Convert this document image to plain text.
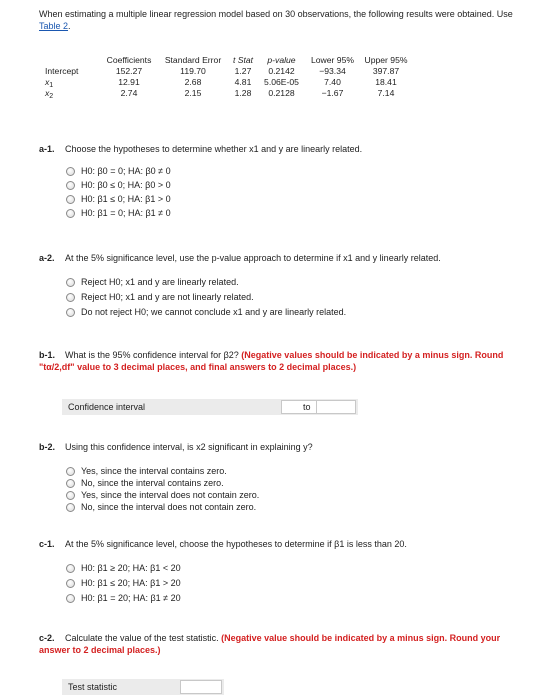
When estimating a multiple linear regression model based on 30 observations, the following results were obtained. Use Table 2.
	Coefficients	Standard Error	t Stat	p-value	Lower 95%	Upper 95%
Intercept	152.27	119.70	1.27	0.2142	−93.34	397.87
$x_1$	12.91	2.68	4.81	5.06E-05	7.40	18.41
$x_2$	2.74	2.15	1.28	0.2128	−1.67	7.14
a-1. Choose the hypotheses to determine whether x1 and y are linearly related.
H0: β0 = 0; HA: β0 ≠ 0
H0: β0 ≤ 0; HA: β0 > 0
H0: β1 ≤ 0; HA: β1 > 0
H0: β1 = 0; HA: β1 ≠ 0
a-2. At the 5% significance level, use the p-value approach to determine if x1 and y linearly related.
Reject H0; x1 and y are linearly related.
Reject H0; x1 and y are not linearly related.
Do not reject H0; we cannot conclude x1 and y are linearly related.
b-1. What is the 95% confidence interval for β2? (Negative values should be indicated by a minus sign. Round "tα/2,df" value to 3 decimal places, and final answers to 2 decimal places.)
Confidence interval	to
b-2. Using this confidence interval, is x2 significant in explaining y?
Yes, since the interval contains zero.
No, since the interval contains zero.
Yes, since the interval does not contain zero.
No, since the interval does not contain zero.
c-1. At the 5% significance level, choose the hypotheses to determine if β1 is less than 20.
H0: β1 ≥ 20; HA: β1 < 20
H0: β1 ≤ 20; HA: β1 > 20
H0: β1 = 20; HA: β1 ≠ 20
c-2. Calculate the value of the test statistic. (Negative value should be indicated by a minus sign. Round your answer to 2 decimal places.)
Test statistic
